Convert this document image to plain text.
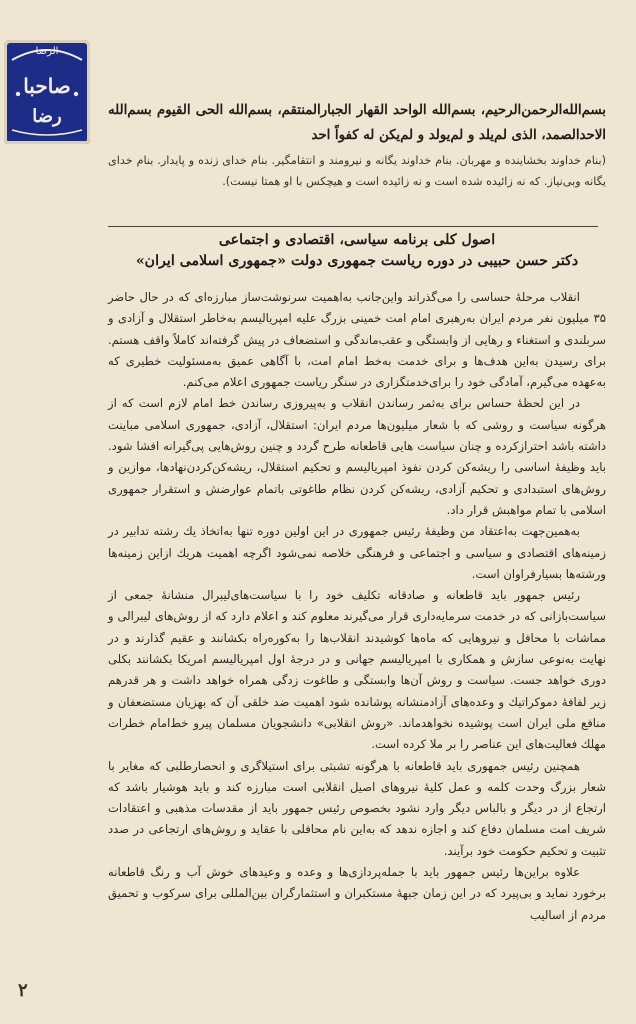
الرضا
صاحبا
رضا	بسم‌الله‌الرحمن‌الرحیم، بسم‌الله الواحد القهار الجبار‌المنتقم، بسم‌الله الحی القیوم بسم‌الله الاحد‌الصمد، الذی لم‌یلد و لم‌یولد و لم‌یکن له کفواً احد
(بنام خداوند بخشاینده و مهربان. بنام خداوند یگانه و نیرومند و انتقامگیر. بنام خدای زنده و پایدار. بنام خدای یگانه وبی‌نیاز. که نه زائیده شده است و نه زائیده است و هیچکس با او همتا نیست).
اصول کلی برنامه سیاسی، اقتصادی و اجتماعی
دکتر حسن حبیبی در دوره ریاست جمهوری دولت «جمهوری اسلامی ایران»

انقلاب مرحلهٔ حساسی را می‌گذراند واین‌جانب به‌اهمیت سرنوشت‌ساز مبارزه‌ای که در حال حاضر ۳۵ میلیون نفر مردم ایران به‌رهبری امام امت خمینی بزرگ علیه امپریالیسم به‌خاطر استقلال و آزادی و سربلندی و استغناء و رهایی از وابستگی و عقب‌ماندگی و استضعاف در پیش گرفته‌اند کاملاً واقف هستم. برای رسیدن به‌این هدف‌ها و برای خدمت به‌خط امام امت، با آگاهی عمیق به‌مسئولیت خطیری که به‌عهده می‌گیرم، آمادگی خود را برای‌خدمتگزاری در سنگر ریاست جمهوری اعلام می‌کنم.

در این لحظهٔ حساس برای به‌ثمر رساندن انقلاب و به‌پیروزی رساندن خط امام لازم است که از هرگونه سیاست و روشی که با شعار میلیون‌ها مردم ایران: استقلال، آزادی، جمهوری اسلامی مباینت داشته باشد احتراز‌کرده و چنان سیاست هایی قاطعانه طرح گردد و چنین روش‌هایی پی‌گیرانه افشا شود. باید وظیفهٔ اساسی را ریشه‌کن کردن نفوذ امپریالیسم و تحکیم استقلال، ریشه‌کن‌کردن‌نهادها، موازین و روش‌های استبدادی و تحکیم آزادی، ریشه‌کن کردن نظام طاغوتی باتمام عوارضش و استقرار جمهوری اسلامی با تمام مواهبش قرار داد.

به‌همین‌جهت به‌اعتقاد من وظیفهٔ رئیس جمهوری در این اولین دوره تنها به‌اتخاذ یك رشته تدابیر در زمینه‌های اقتصادی و سیاسی و اجتماعی و فرهنگی خلاصه نمی‌شود اگرچه اهمیت هریك ازاین زمینه‌ها ورشته‌ها بسیارفراوان است.

رئیس جمهور باید قاطعانه و صادقانه تکلیف خود را با سیاست‌های‌لیبرال منشانهٔ جمعی از سیاست‌بازانی که در خدمت سرمایه‌داری قرار می‌گیرند معلوم کند و اعلام دارد که از روش‌های لیبرالی و مماشات با محافل و نیروهایی که ماه‌ها کوشیدند انقلاب‌ها را به‌کوره‌راه بکشانند و عقیم گذارند و در نهایت به‌نوعی سازش و همکاری با امپریالیسم جهانی و در درجهٔ اول امپریالیسم امریکا بکشانند بکلی دوری خواهد جست. سیاست و روش آن‌ها وابستگی و طاغوت زدگی همراه خواهد داشت و هر قدرهم زیر لفافهٔ دموکراتیك و وعده‌های آزادمنشانه پوشانده شود اهمیت ضد خلقی آن که بهزیان مستضعفان و منافع ملی ایران است پوشیده نخواهدماند. «روش انقلابی» دانشجویان مسلمان پیرو خط‌امام خطرات مهلك فعالیت‌های این عناصر را بر ملا کرده است.

همچنین رئیس جمهوری باید قاطعانه با هرگونه تشبثی برای استیلاگری و انحصارطلبی که مغایر با شعار بزرگ وحدت کلمه و عمل کلیهٔ نیروهای اصیل انقلابی است مبارزه کند و باید هوشیار باشد که ارتجاع از در دیگر و بالباس دیگر وارد نشود بخصوص رئیس جمهور باید از مقدسات مذهبی و اعتقادات شریف امت مسلمان دفاع کند و اجازه ندهد که به‌این نام محافلی با عقاید و روش‌های ارتجاعی در صدد تثبیت و تحکیم حکومت خود برآیند.

علاوه براین‌ها رئیس جمهور باید با جمله‌پردازی‌ها و وعده و وعیدهای خوش آب و رنگ قاطعانه برخورد نماید و بی‌پیرد که در این زمان جبههٔ مستکبران و استثمارگران بین‌المللی برای سرکوب و تحمیق مردم از اسالیب

۲
